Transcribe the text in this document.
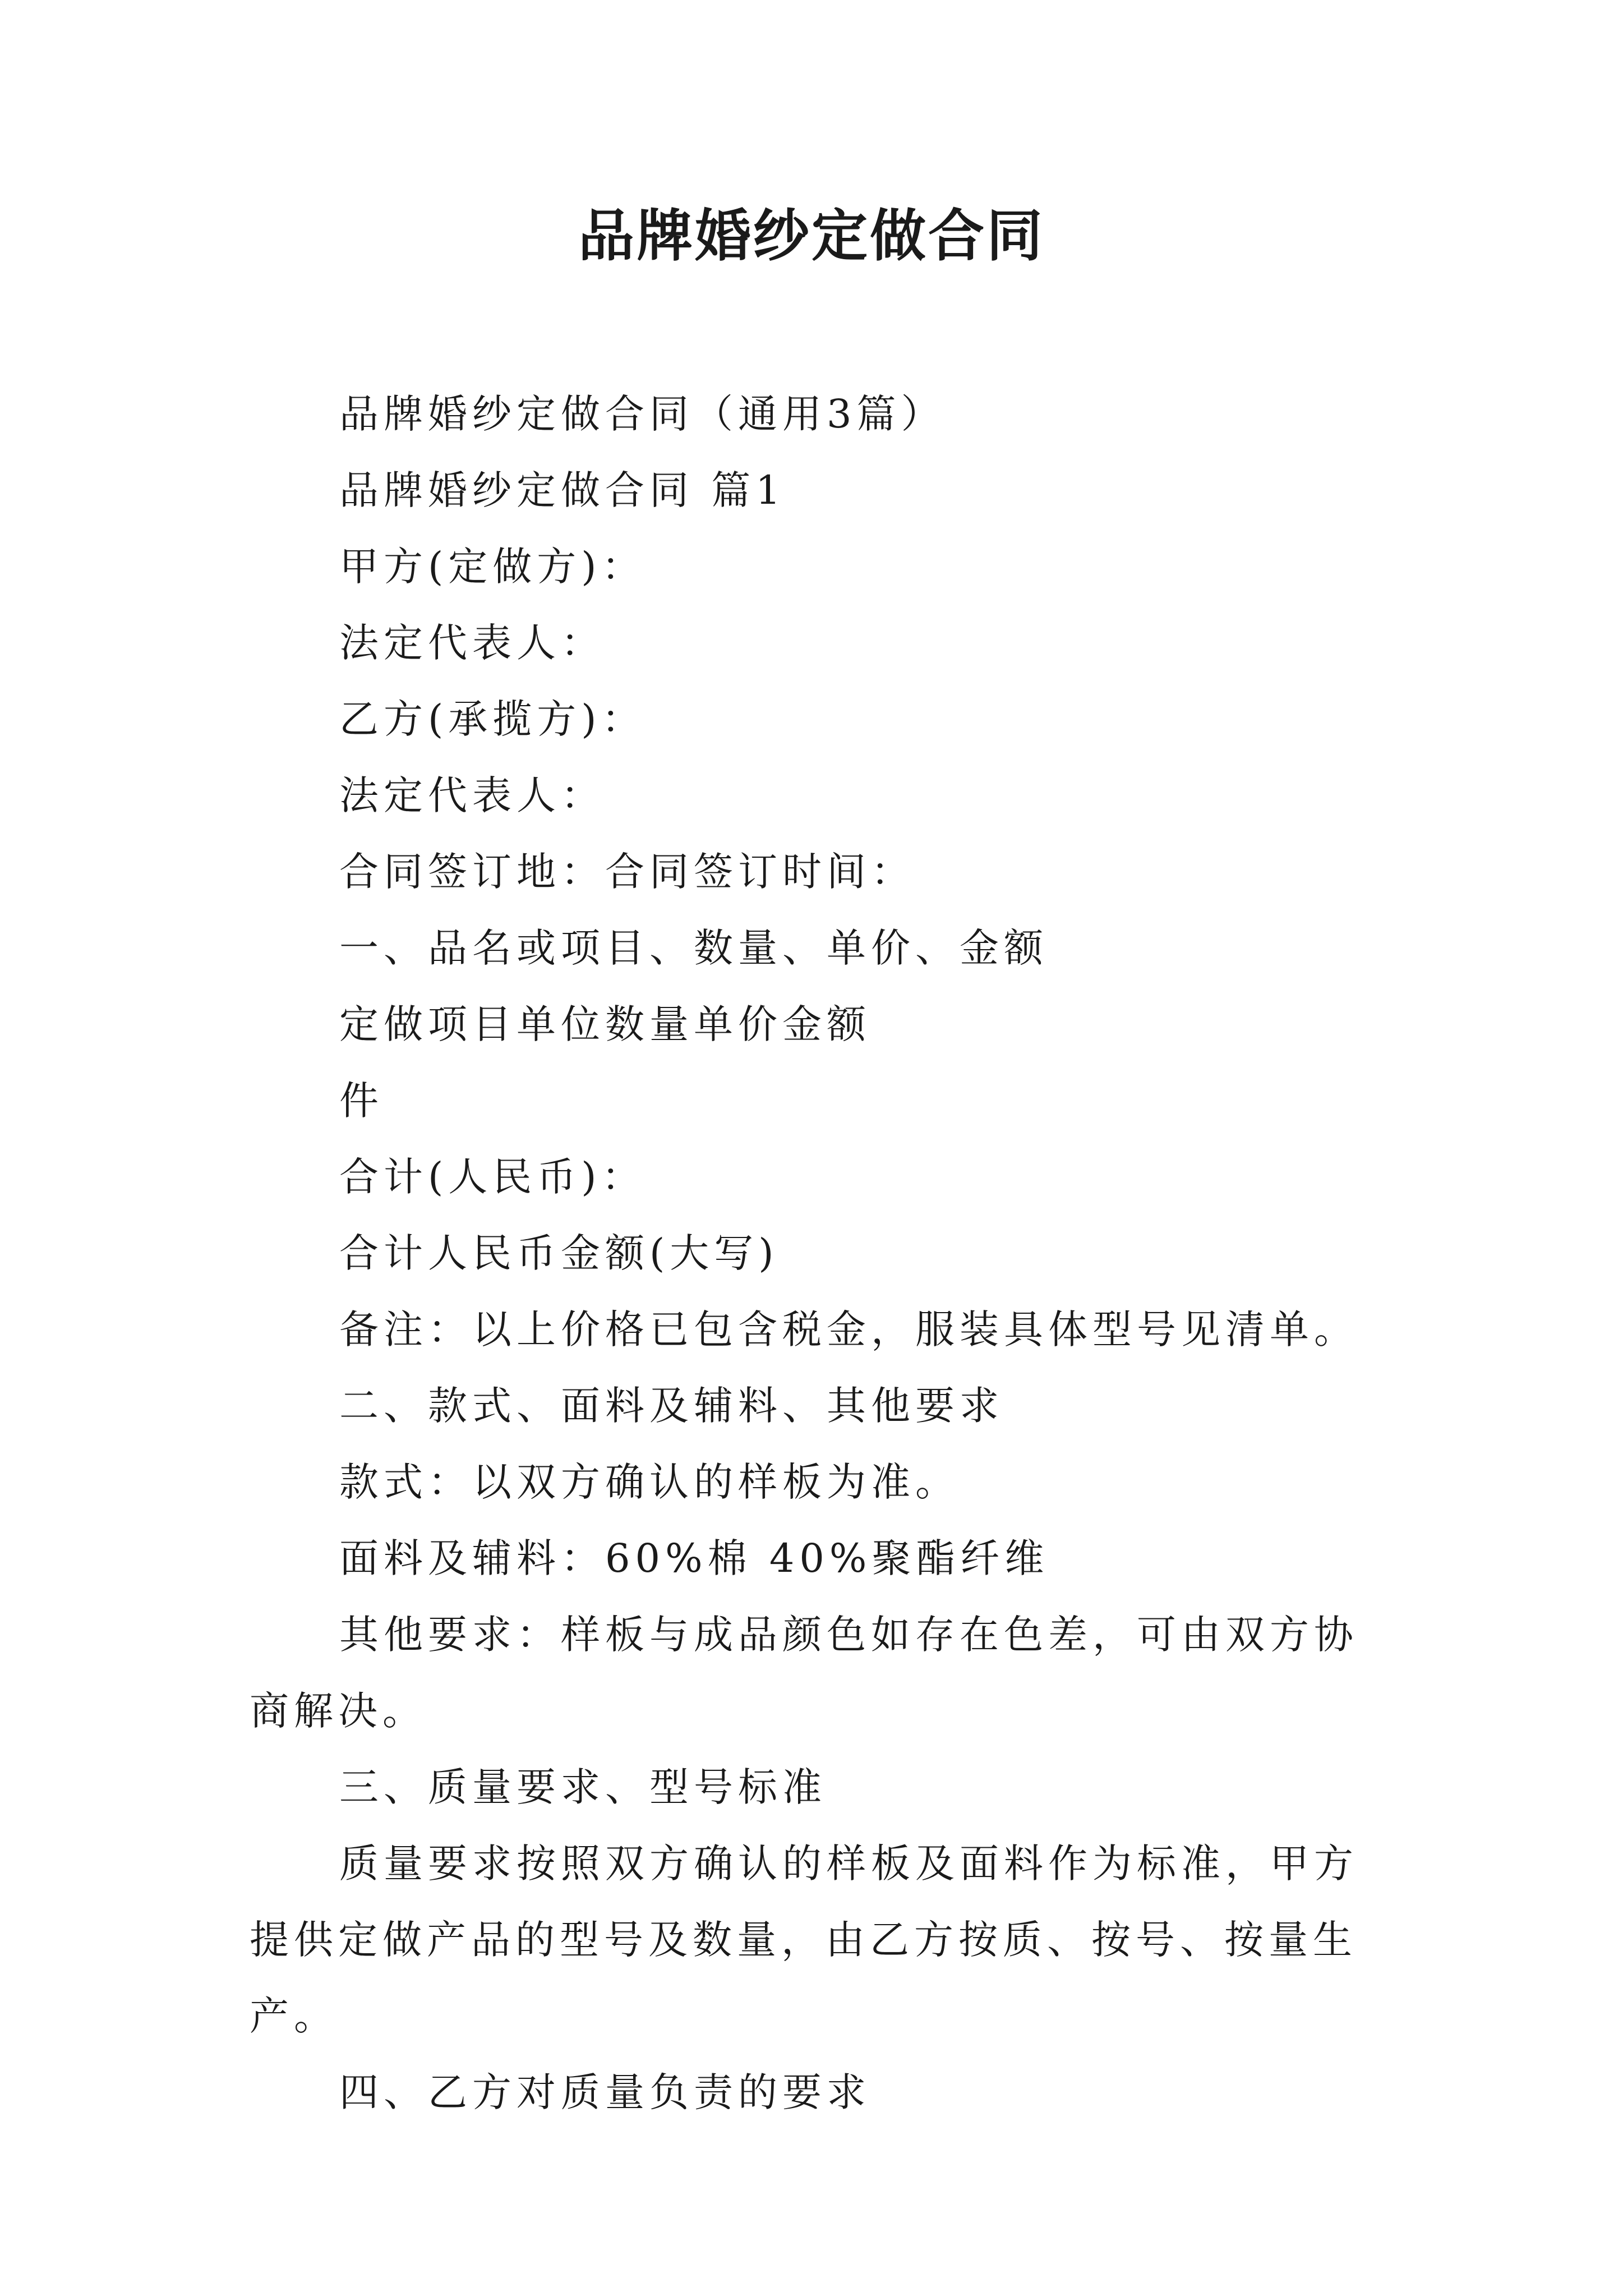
品牌婚纱定做合同

品牌婚纱定做合同（通用3篇）

品牌婚纱定做合同 篇1

甲方(定做方)：

法定代表人：

乙方(承揽方)：

法定代表人：

合同签订地：合同签订时间：

一、品名或项目、数量、单价、金额

定做项目单位数量单价金额

件

合计(人民币)：

合计人民币金额(大写)

备注：以上价格已包含税金，服装具体型号见清单。

二、款式、面料及辅料、其他要求

款式：以双方确认的样板为准。

面料及辅料：60%棉 40%聚酯纤维

其他要求：样板与成品颜色如存在色差，可由双方协商解决。

三、质量要求、型号标准

质量要求按照双方确认的样板及面料作为标准，甲方提供定做产品的型号及数量，由乙方按质、按号、按量生产。

四、乙方对质量负责的要求
